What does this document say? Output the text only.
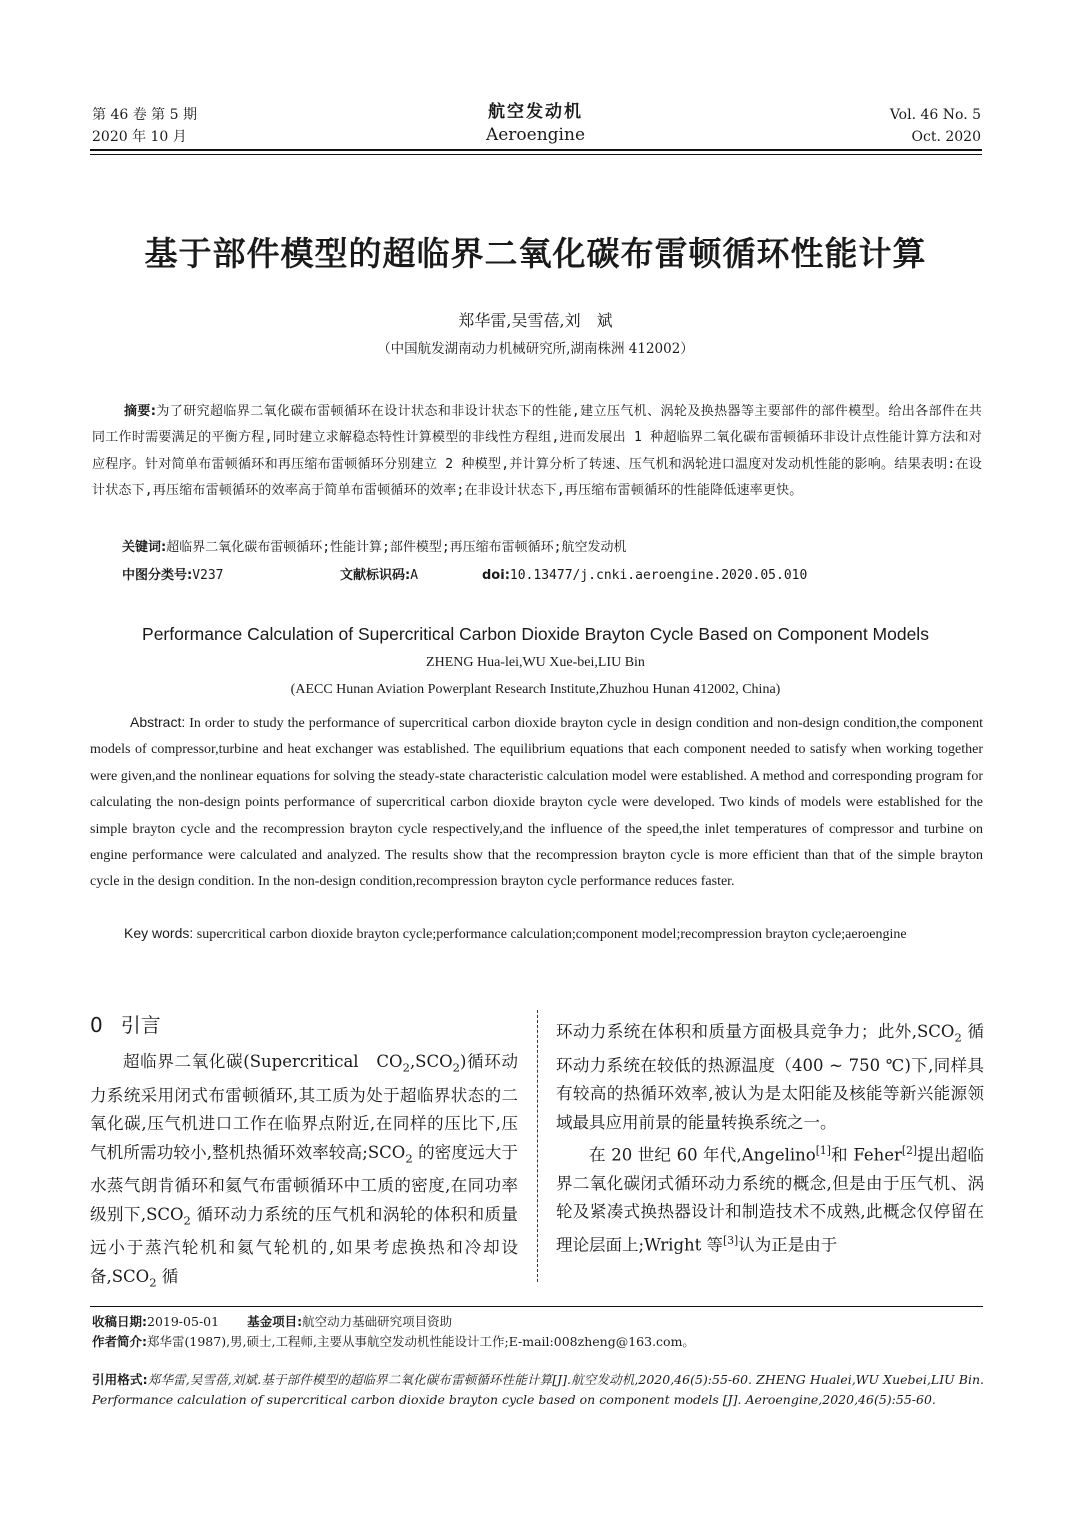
第 46 卷 第 5 期
2020 年 10 月
航空发动机
Aeroengine
Vol. 46 No. 5
Oct. 2020
基于部件模型的超临界二氧化碳布雷顿循环性能计算
郑华雷,吴雪蓓,刘　斌
（中国航发湖南动力机械研究所,湖南株洲 412002）
摘要:为了研究超临界二氧化碳布雷顿循环在设计状态和非设计状态下的性能,建立压气机、涡轮及换热器等主要部件的部件模型。给出各部件在共同工作时需要满足的平衡方程,同时建立求解稳态特性计算模型的非线性方程组,进而发展出 1 种超临界二氧化碳布雷顿循环非设计点性能计算方法和对应程序。针对简单布雷顿循环和再压缩布雷顿循环分别建立 2 种模型,并计算分析了转速、压气机和涡轮进口温度对发动机性能的影响。结果表明:在设计状态下,再压缩布雷顿循环的效率高于简单布雷顿循环的效率;在非设计状态下,再压缩布雷顿循环的性能降低速率更快。
关键词:超临界二氧化碳布雷顿循环;性能计算;部件模型;再压缩布雷顿循环;航空发动机
中图分类号:V237	文献标识码:A	doi:10.13477/j.cnki.aeroengine.2020.05.010
Performance Calculation of Supercritical Carbon Dioxide Brayton Cycle Based on Component Models
ZHENG Hua-lei,WU Xue-bei,LIU Bin
(AECC Hunan Aviation Powerplant Research Institute,Zhuzhou Hunan 412002, China)
Abstract: In order to study the performance of supercritical carbon dioxide brayton cycle in design condition and non-design condition,the component models of compressor,turbine and heat exchanger was established. The equilibrium equations that each component needed to satisfy when working together were given,and the nonlinear equations for solving the steady-state characteristic calculation model were established. A method and corresponding program for calculating the non-design points performance of supercritical carbon dioxide brayton cycle were developed. Two kinds of models were established for the simple brayton cycle and the recompression brayton cycle respectively,and the influence of the speed,the inlet temperatures of compressor and turbine on engine performance were calculated and analyzed. The results show that the recompression brayton cycle is more efficient than that of the simple brayton cycle in the design condition. In the non-design condition,recompression brayton cycle performance reduces faster.
Key words: supercritical carbon dioxide brayton cycle;performance calculation;component model;recompression brayton cycle;aeroengine
0 引言

超临界二氧化碳(Supercritical　$CO_2,SCO_2$)循环动力系统采用闭式布雷顿循环,其工质为处于超临界状态的二氧化碳,压气机进口工作在临界点附近,在同样的压比下,压气机所需功较小,整机热循环效率较高$;SCO_2$ 的密度远大于水蒸气朗肯循环和氦气布雷顿循环中工质的密度,在同功率级别下$,SCO_2$ 循环动力系统的压气机和涡轮的体积和质量远小于蒸汽轮机和氦气轮机的,如果考虑换热和冷却设备$,SCO_2$ 循

环动力系统在体积和质量方面极具竞争力；此外$,SCO_2$ 循环动力系统在较低的热源温度（400 ~ 750 ℃)下,同样具有较高的热循环效率,被认为是太阳能及核能等新兴能源领域最具应用前景的能量转换系统之一。

在 20 世纪 60 年代,Angelino[1]和 Feher[2]提出超临界二氧化碳闭式循环动力系统的概念,但是由于压气机、涡轮及紧凑式换热器设计和制造技术不成熟,此概念仅停留在理论层面上;Wright 等[3]认为正是由于

收稿日期:2019-05-01 基金项目:航空动力基础研究项目资助
作者简介:郑华雷(1987),男,硕士,工程师,主要从事航空发动机性能设计工作;E-mail:008zheng@163.com。
引用格式:郑华雷,吴雪蓓,刘斌.基于部件模型的超临界二氧化碳布雷顿循环性能计算[J].航空发动机,2020,46(5):55-60. ZHENG Hualei,WU Xuebei,LIU Bin. Performance calculation of supercritical carbon dioxide brayton cycle based on component models [J]. Aeroengine,2020,46(5):55-60.
